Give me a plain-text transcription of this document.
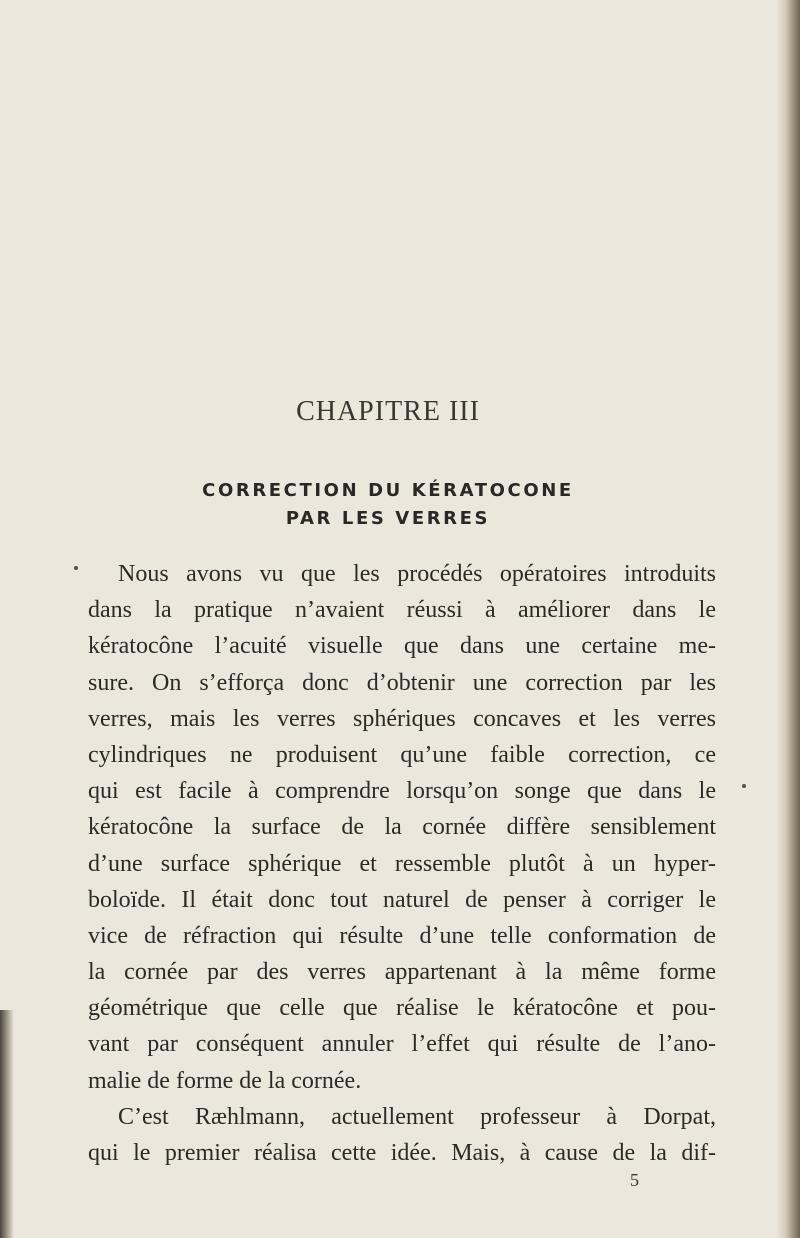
CHAPITRE III
CORRECTION DU KÉRATOCONE
PAR LES VERRES
Nous avons vu que les procédés opératoires introduits
dans la pratique n’avaient réussi à améliorer dans le
kératocône l’acuité visuelle que dans une certaine me-
sure. On s’efforça donc d’obtenir une correction par les
verres, mais les verres sphériques concaves et les verres
cylindriques ne produisent qu’une faible correction, ce
qui est facile à comprendre lorsqu’on songe que dans le
kératocône la surface de la cornée diffère sensiblement
d’une surface sphérique et ressemble plutôt à un hyper-
boloïde. Il était donc tout naturel de penser à corriger le
vice de réfraction qui résulte d’une telle conformation de
la cornée par des verres appartenant à la même forme
géométrique que celle que réalise le kératocône et pou-
vant par conséquent annuler l’effet qui résulte de l’ano-
malie de forme de la cornée.
C’est Ræhlmann, actuellement professeur à Dorpat,
qui le premier réalisa cette idée. Mais, à cause de la dif-
5
